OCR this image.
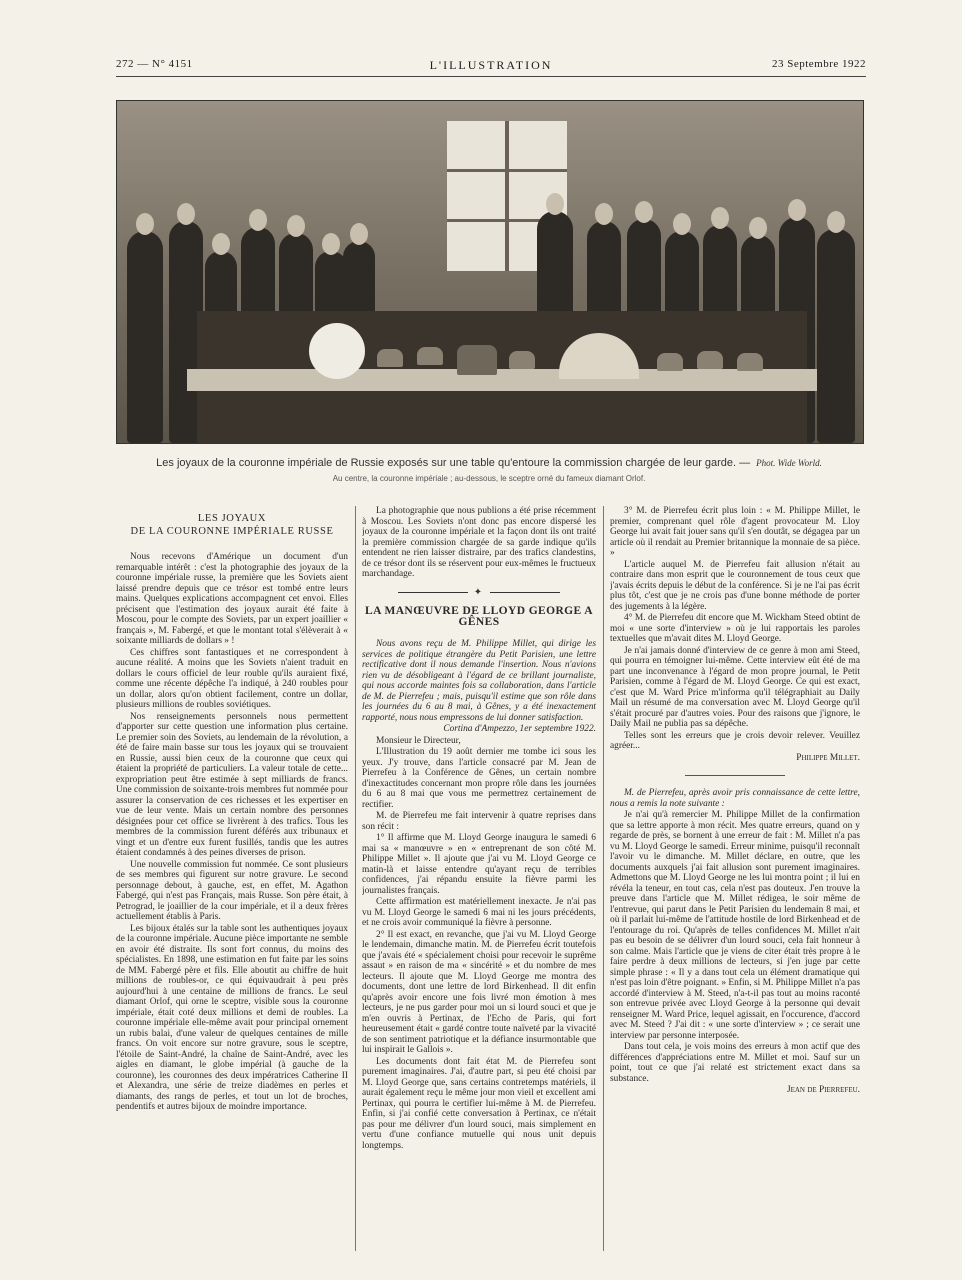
272 — N° 4151	L'ILLUSTRATION	23 Septembre 1922
Les joyaux de la couronne impériale de Russie exposés sur une table qu'entoure la commission chargée de leur garde. — Phot. Wide World.
Au centre, la couronne impériale ; au-dessous, le sceptre orné du fameux diamant Orlof.
LES JOYAUX
DE LA COURONNE IMPÉRIALE RUSSE

Nous recevons d'Amérique un document d'un remarquable intérêt : c'est la photographie des joyaux de la couronne impériale russe, la première que les Soviets aient laissé prendre depuis que ce trésor est tombé entre leurs mains. Quelques explications accompagnent cet envoi. Elles précisent que l'estimation des joyaux aurait été faite à Moscou, pour le compte des Soviets, par un expert joaillier « français », M. Fabergé, et que le montant total s'élèverait à « soixante milliards de dollars » !

Ces chiffres sont fantastiques et ne correspondent à aucune réalité. A moins que les Soviets n'aient traduit en dollars le cours officiel de leur rouble qu'ils auraient fixé, comme une récente dépêche l'a indiqué, à 240 roubles pour un dollar, alors qu'on obtient facilement, contre un dollar, plusieurs millions de roubles soviétiques.

Nos renseignements personnels nous permettent d'apporter sur cette question une information plus certaine. Le premier soin des Soviets, au lendemain de la révolution, a été de faire main basse sur tous les joyaux qui se trouvaient en Russie, aussi bien ceux de la couronne que ceux qui étaient la propriété de particuliers. La valeur totale de cette... expropriation peut être estimée à sept milliards de francs. Une commission de soixante-trois membres fut nommée pour assurer la conservation de ces richesses et les expertiser en vue de leur vente. Mais un certain nombre des personnes désignées pour cet office se livrèrent à des trafics. Tous les membres de la commission furent déférés aux tribunaux et vingt et un d'entre eux furent fusillés, tandis que les autres étaient condamnés à des peines diverses de prison.

Une nouvelle commission fut nommée. Ce sont plusieurs de ses membres qui figurent sur notre gravure. Le second personnage debout, à gauche, est, en effet, M. Agathon Fabergé, qui n'est pas Français, mais Russe. Son père était, à Petrograd, le joaillier de la cour impériale, et il a deux frères actuellement établis à Paris.

Les bijoux étalés sur la table sont les authentiques joyaux de la couronne impériale. Aucune pièce importante ne semble en avoir été distraite. Ils sont fort connus, du moins des spécialistes. En 1898, une estimation en fut faite par les soins de MM. Fabergé père et fils. Elle aboutit au chiffre de huit millions de roubles-or, ce qui équivaudrait à peu près aujourd'hui à une centaine de millions de francs. Le seul diamant Orlof, qui orne le sceptre, visible sous la couronne impériale, était coté deux millions et demi de roubles. La couronne impériale elle-même avait pour principal ornement un rubis balai, d'une valeur de quelques centaines de mille francs. On voit encore sur notre gravure, sous le sceptre, l'étoile de Saint-André, la chaîne de Saint-André, avec les aigles en diamant, le globe impérial (à gauche de la couronne), les couronnes des deux impératrices Catherine II et Alexandra, une série de treize diadèmes en perles et diamants, des rangs de perles, et tout un lot de broches, pendentifs et autres bijoux de moindre importance.

La photographie que nous publions a été prise récemment à Moscou. Les Soviets n'ont donc pas encore dispersé les joyaux de la couronne impériale et la façon dont ils ont traité la première commission chargée de sa garde indique qu'ils entendent ne rien laisser distraire, par des trafics clandestins, de ce trésor dont ils se réservent pour eux-mêmes le fructueux marchandage.

✦
LA MANŒUVRE DE LLOYD GEORGE A GÊNES

Nous avons reçu de M. Philippe Millet, qui dirige les services de politique étrangère du Petit Parisien, une lettre rectificative dont il nous demande l'insertion. Nous n'avions rien vu de désobligeant à l'égard de ce brillant journaliste, qui nous accorde maintes fois sa collaboration, dans l'article de M. de Pierrefeu ; mais, puisqu'il estime que son rôle dans les journées du 6 au 8 mai, à Gênes, y a été inexactement rapporté, nous nous empressons de lui donner satisfaction.

Cortina d'Ampezzo, 1er septembre 1922.

Monsieur le Directeur,

L'Illustration du 19 août dernier me tombe ici sous les yeux. J'y trouve, dans l'article consacré par M. Jean de Pierrefeu à la Conférence de Gênes, un certain nombre d'inexactitudes concernant mon propre rôle dans les journées du 6 au 8 mai que vous me permettrez certainement de rectifier.

M. de Pierrefeu me fait intervenir à quatre reprises dans son récit :

1° Il affirme que M. Lloyd George inaugura le samedi 6 mai sa « manœuvre » en « entreprenant de son côté M. Philippe Millet ». Il ajoute que j'ai vu M. Lloyd George ce matin-là et laisse entendre qu'ayant reçu de terribles confidences, j'ai répandu ensuite la fièvre parmi les journalistes français.

Cette affirmation est matériellement inexacte. Je n'ai pas vu M. Lloyd George le samedi 6 mai ni les jours précédents, et ne crois avoir communiqué la fièvre à personne.

2° Il est exact, en revanche, que j'ai vu M. Lloyd George le lendemain, dimanche matin. M. de Pierrefeu écrit toutefois que j'avais été « spécialement choisi pour recevoir le suprême assaut » en raison de ma « sincérité » et du nombre de mes lecteurs. Il ajoute que M. Lloyd George me montra des documents, dont une lettre de lord Birkenhead. Il dit enfin qu'après avoir encore une fois livré mon émotion à mes lecteurs, je ne pus garder pour moi un si lourd souci et que je m'en ouvris à Pertinax, de l'Echo de Paris, qui fort heureusement était « gardé contre toute naïveté par la vivacité de son sentiment patriotique et la défiance insurmontable que lui inspirait le Gallois ».

Les documents dont fait état M. de Pierrefeu sont purement imaginaires. J'ai, d'autre part, si peu été choisi par M. Lloyd George que, sans certains contretemps matériels, il aurait également reçu le même jour mon vieil et excellent ami Pertinax, qui pourra le certifier lui-même à M. de Pierrefeu. Enfin, si j'ai confié cette conversation à Pertinax, ce n'était pas pour me délivrer d'un lourd souci, mais simplement en vertu d'une confiance mutuelle qui nous unit depuis longtemps.

3° M. de Pierrefeu écrit plus loin : « M. Philippe Millet, le premier, comprenant quel rôle d'agent provocateur M. Lloy George lui avait fait jouer sans qu'il s'en doutât, se dégagea par un article où il rendait au Premier britannique la monnaie de sa pièce. »

L'article auquel M. de Pierrefeu fait allusion n'était au contraire dans mon esprit que le couronnement de tous ceux que j'avais écrits depuis le début de la conférence. Si je ne l'ai pas écrit plus tôt, c'est que je ne crois pas d'une bonne méthode de porter des jugements à la légère.

4° M. de Pierrefeu dit encore que M. Wickham Steed obtint de moi « une sorte d'interview » où je lui rapportais les paroles textuelles que m'avait dites M. Lloyd George.

Je n'ai jamais donné d'interview de ce genre à mon ami Steed, qui pourra en témoigner lui-même. Cette interview eût été de ma part une inconvenance à l'égard de mon propre journal, le Petit Parisien, comme à l'égard de M. Lloyd George. Ce qui est exact, c'est que M. Ward Price m'informa qu'il télégraphiait au Daily Mail un résumé de ma conversation avec M. Lloyd George qu'il s'était procuré par d'autres voies. Pour des raisons que j'ignore, le Daily Mail ne publia pas sa dépêche.

Telles sont les erreurs que je crois devoir relever. Veuillez agréer...

Philippe Millet.

M. de Pierrefeu, après avoir pris connaissance de cette lettre, nous a remis la note suivante :

Je n'ai qu'à remercier M. Philippe Millet de la confirmation que sa lettre apporte à mon récit. Mes quatre erreurs, quand on y regarde de près, se bornent à une erreur de fait : M. Millet n'a pas vu M. Lloyd George le samedi. Erreur minime, puisqu'il reconnaît l'avoir vu le dimanche. M. Millet déclare, en outre, que les documents auxquels j'ai fait allusion sont purement imaginaires. Admettons que M. Lloyd George ne les lui montra point ; il lui en révéla la teneur, en tout cas, cela n'est pas douteux. J'en trouve la preuve dans l'article que M. Millet rédigea, le soir même de l'entrevue, qui parut dans le Petit Parisien du lendemain 8 mai, et où il parlait lui-même de l'attitude hostile de lord Birkenhead et de l'entourage du roi. Qu'après de telles confidences M. Millet n'ait pas eu besoin de se délivrer d'un lourd souci, cela fait honneur à son calme. Mais l'article que je viens de citer était très propre à le faire perdre à deux millions de lecteurs, si j'en juge par cette simple phrase : « Il y a dans tout cela un élément dramatique qui n'est pas loin d'être poignant. » Enfin, si M. Philippe Millet n'a pas accordé d'interview à M. Steed, n'a-t-il pas tout au moins raconté son entrevue privée avec Lloyd George à la personne qui devait renseigner M. Ward Price, lequel agissait, en l'occurence, d'accord avec M. Steed ? J'ai dit : « une sorte d'interview » ; ce serait une interview par personne interposée.

Dans tout cela, je vois moins des erreurs à mon actif que des différences d'appréciations entre M. Millet et moi. Sauf sur un point, tout ce que j'ai relaté est strictement exact dans sa substance.

Jean de Pierrefeu.
